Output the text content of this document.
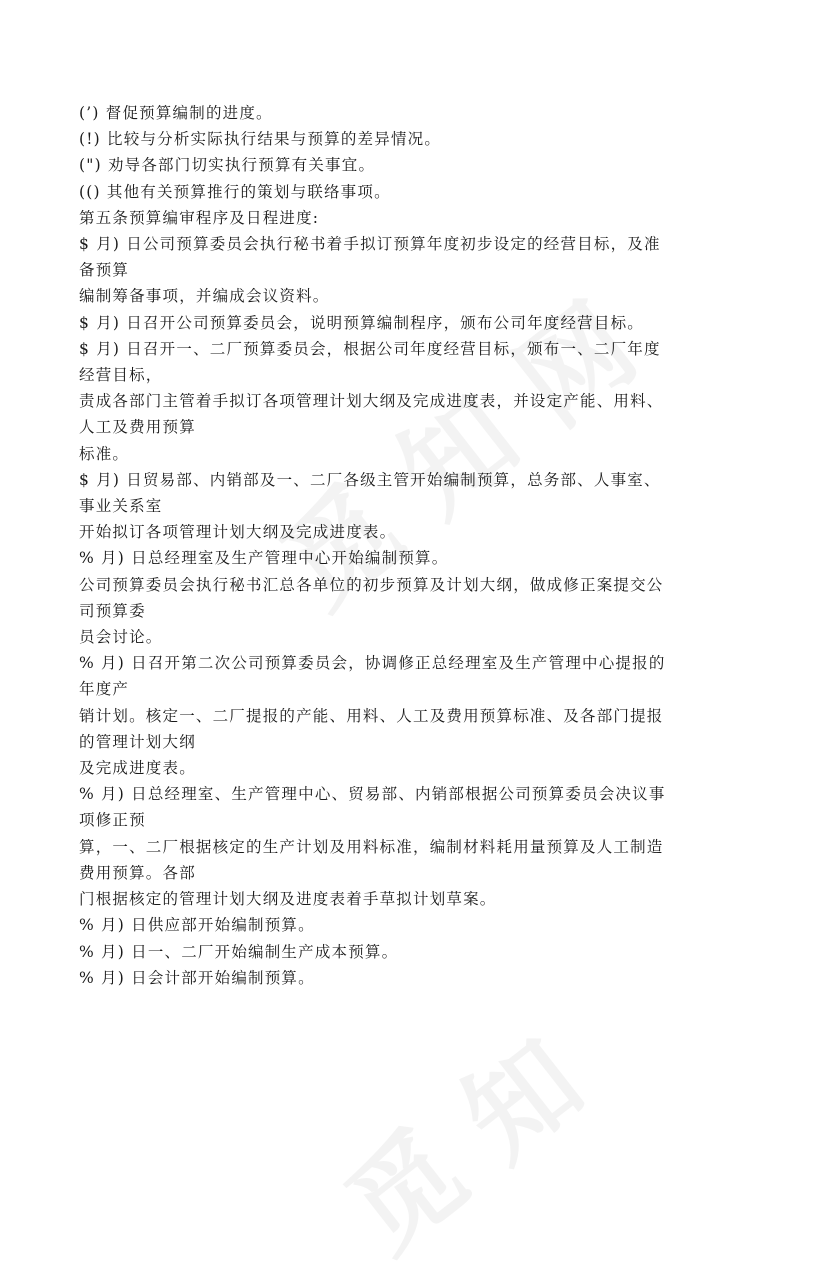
(’) 督促预算编制的进度。
(!) 比较与分析实际执行结果与预算的差异情况。
(") 劝导各部门切实执行预算有关事宜。
(() 其他有关预算推行的策划与联络事项。
第五条预算编审程序及日程进度:
$ 月) 日公司预算委员会执行秘书着手拟订预算年度初步设定的经营目标，及准
备预算
编制筹备事项，并编成会议资料。
$ 月) 日召开公司预算委员会，说明预算编制程序，颁布公司年度经营目标。
$ 月) 日召开一、二厂预算委员会，根据公司年度经营目标，颁布一、二厂年度
经营目标，
责成各部门主管着手拟订各项管理计划大纲及完成进度表，并设定产能、用料、
人工及费用预算
标准。
$ 月) 日贸易部、内销部及一、二厂各级主管开始编制预算，总务部、人事室、
事业关系室
开始拟订各项管理计划大纲及完成进度表。
% 月) 日总经理室及生产管理中心开始编制预算。
公司预算委员会执行秘书汇总各单位的初步预算及计划大纲，做成修正案提交公
司预算委
员会讨论。
% 月) 日召开第二次公司预算委员会，协调修正总经理室及生产管理中心提报的
年度产
销计划。核定一、二厂提报的产能、用料、人工及费用预算标准、及各部门提报
的管理计划大纲
及完成进度表。
% 月) 日总经理室、生产管理中心、贸易部、内销部根据公司预算委员会决议事
项修正预
算，一、二厂根据核定的生产计划及用料标准，编制材料耗用量预算及人工制造
费用预算。各部
门根据核定的管理计划大纲及进度表着手草拟计划草案。
% 月) 日供应部开始编制预算。
% 月) 日一、二厂开始编制生产成本预算。
% 月) 日会计部开始编制预算。
